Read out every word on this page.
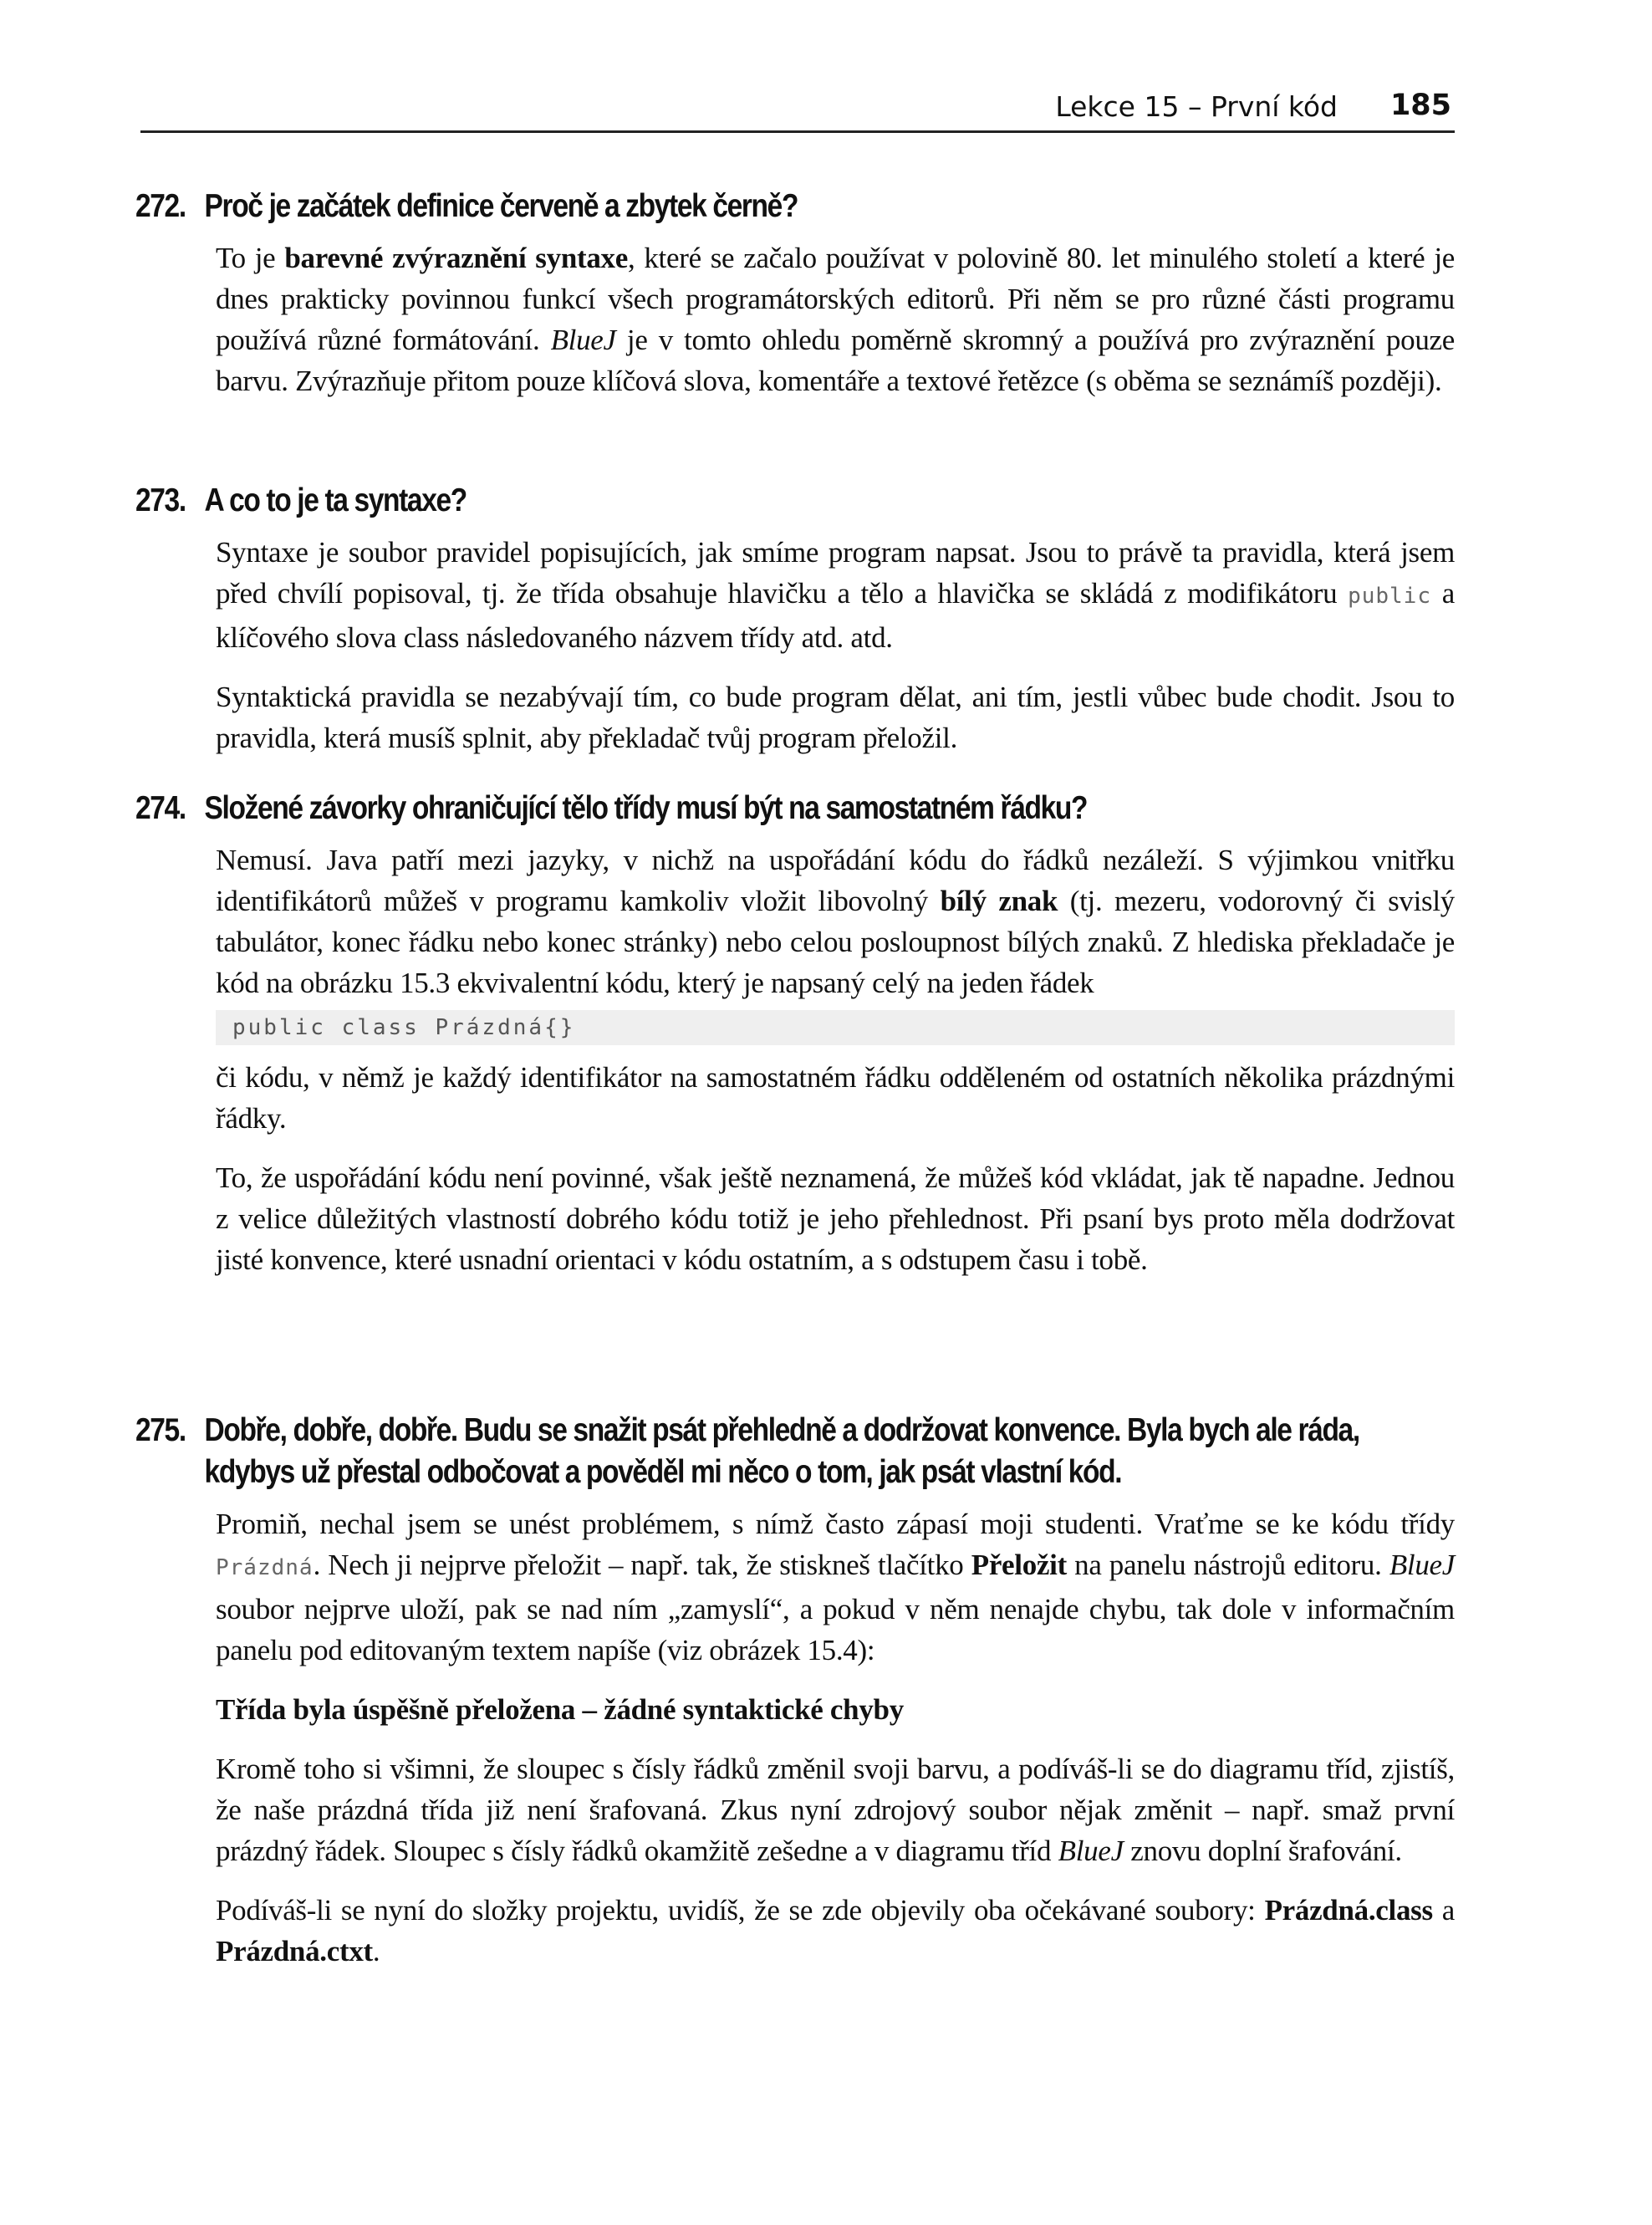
Lekce 15 – První kód 185
272. Proč je začátek definice červeně a zbytek černě?

To je barevné zvýraznění syntaxe, které se začalo používat v polovině 80. let minulého století a které je dnes prakticky povinnou funkcí všech programátorských editorů. Při něm se pro různé části programu používá různé formátování. BlueJ je v tomto ohledu poměrně skromný a používá pro zvýraznění pouze barvu. Zvýrazňuje přitom pouze klíčová slova, komentáře a textové řetězce (s oběma se seznámíš později).

273. A co to je ta syntaxe?

Syntaxe je soubor pravidel popisujících, jak smíme program napsat. Jsou to právě ta pravidla, která jsem před chvílí popisoval, tj. že třída obsahuje hlavičku a tělo a hlavička se skládá z modifikátoru public a klíčového slova class následovaného názvem třídy atd. atd.

Syntaktická pravidla se nezabývají tím, co bude program dělat, ani tím, jestli vůbec bude chodit. Jsou to pravidla, která musíš splnit, aby překladač tvůj program přeložil.

274. Složené závorky ohraničující tělo třídy musí být na samostatném řádku?

Nemusí. Java patří mezi jazyky, v nichž na uspořádání kódu do řádků nezáleží. S výjimkou vnitřku identifikátorů můžeš v programu kamkoliv vložit libovolný bílý znak (tj. mezeru, vodorovný či svislý tabulátor, konec řádku nebo konec stránky) nebo celou posloupnost bílých znaků. Z hlediska překladače je kód na obrázku 15.3 ekvivalentní kódu, který je napsaný celý na jeden řádek

public class Prázdná{}

či kódu, v němž je každý identifikátor na samostatném řádku odděleném od ostatních několika prázdnými řádky.

To, že uspořádání kódu není povinné, však ještě neznamená, že můžeš kód vkládat, jak tě napadne. Jednou z velice důležitých vlastností dobrého kódu totiž je jeho přehlednost. Při psaní bys proto měla dodržovat jisté konvence, které usnadní orientaci v kódu ostatním, a s odstupem času i tobě.

275. Dobře, dobře, dobře. Budu se snažit psát přehledně a dodržovat konvence. Byla bych ale ráda, kdybys už přestal odbočovat a pověděl mi něco o tom, jak psát vlastní kód.

Promiň, nechal jsem se unést problémem, s nímž často zápasí moji studenti. Vraťme se ke kódu třídy Prázdná. Nech ji nejprve přeložit – např. tak, že stiskneš tlačítko Přeložit na panelu nástrojů editoru. BlueJ soubor nejprve uloží, pak se nad ním „zamyslí“, a pokud v něm nenajde chybu, tak dole v informačním panelu pod editovaným textem napíše (viz obrázek 15.4):

Třída byla úspěšně přeložena – žádné syntaktické chyby

Kromě toho si všimni, že sloupec s čísly řádků změnil svoji barvu, a podíváš-li se do diagramu tříd, zjistíš, že naše prázdná třída již není šrafovaná. Zkus nyní zdrojový soubor nějak změnit – např. smaž první prázdný řádek. Sloupec s čísly řádků okamžitě zešedne a v diagramu tříd BlueJ znovu doplní šrafování.

Podíváš-li se nyní do složky projektu, uvidíš, že se zde objevily oba očekávané soubory: Prázdná.class a Prázdná.ctxt.
